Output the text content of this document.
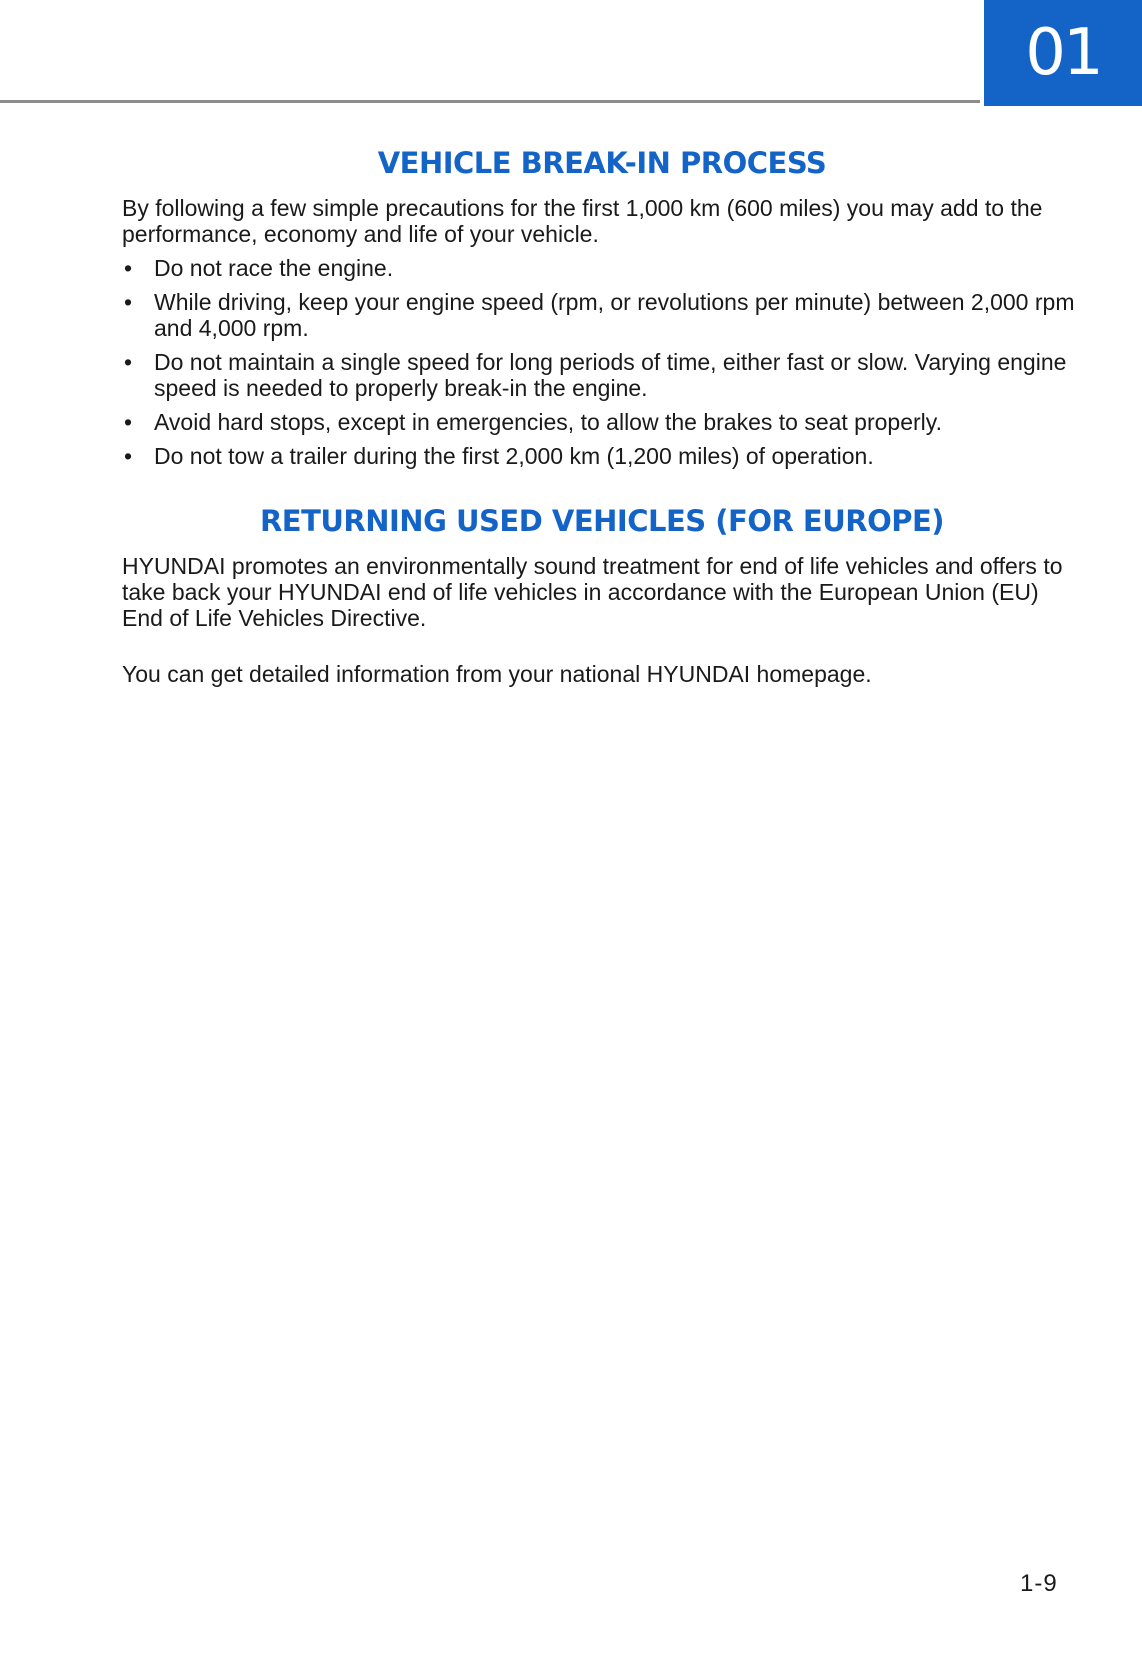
01
VEHICLE BREAK-IN PROCESS

By following a few simple precautions for the first 1,000 km (600 miles) you may add to the performance, economy and life of your vehicle.

• Do not race the engine.
• While driving, keep your engine speed (rpm, or revolutions per minute) between 2,000 rpm and 4,000 rpm.
• Do not maintain a single speed for long periods of time, either fast or slow. Varying engine speed is needed to properly break-in the engine.
• Avoid hard stops, except in emergencies, to allow the brakes to seat properly.
• Do not tow a trailer during the first 2,000 km (1,200 miles) of operation.
RETURNING USED VEHICLES (FOR EUROPE)

HYUNDAI promotes an environmentally sound treatment for end of life vehicles and offers to take back your HYUNDAI end of life vehicles in accordance with the European Union (EU) End of Life Vehicles Directive.

You can get detailed information from your national HYUNDAI homepage.

1-9
